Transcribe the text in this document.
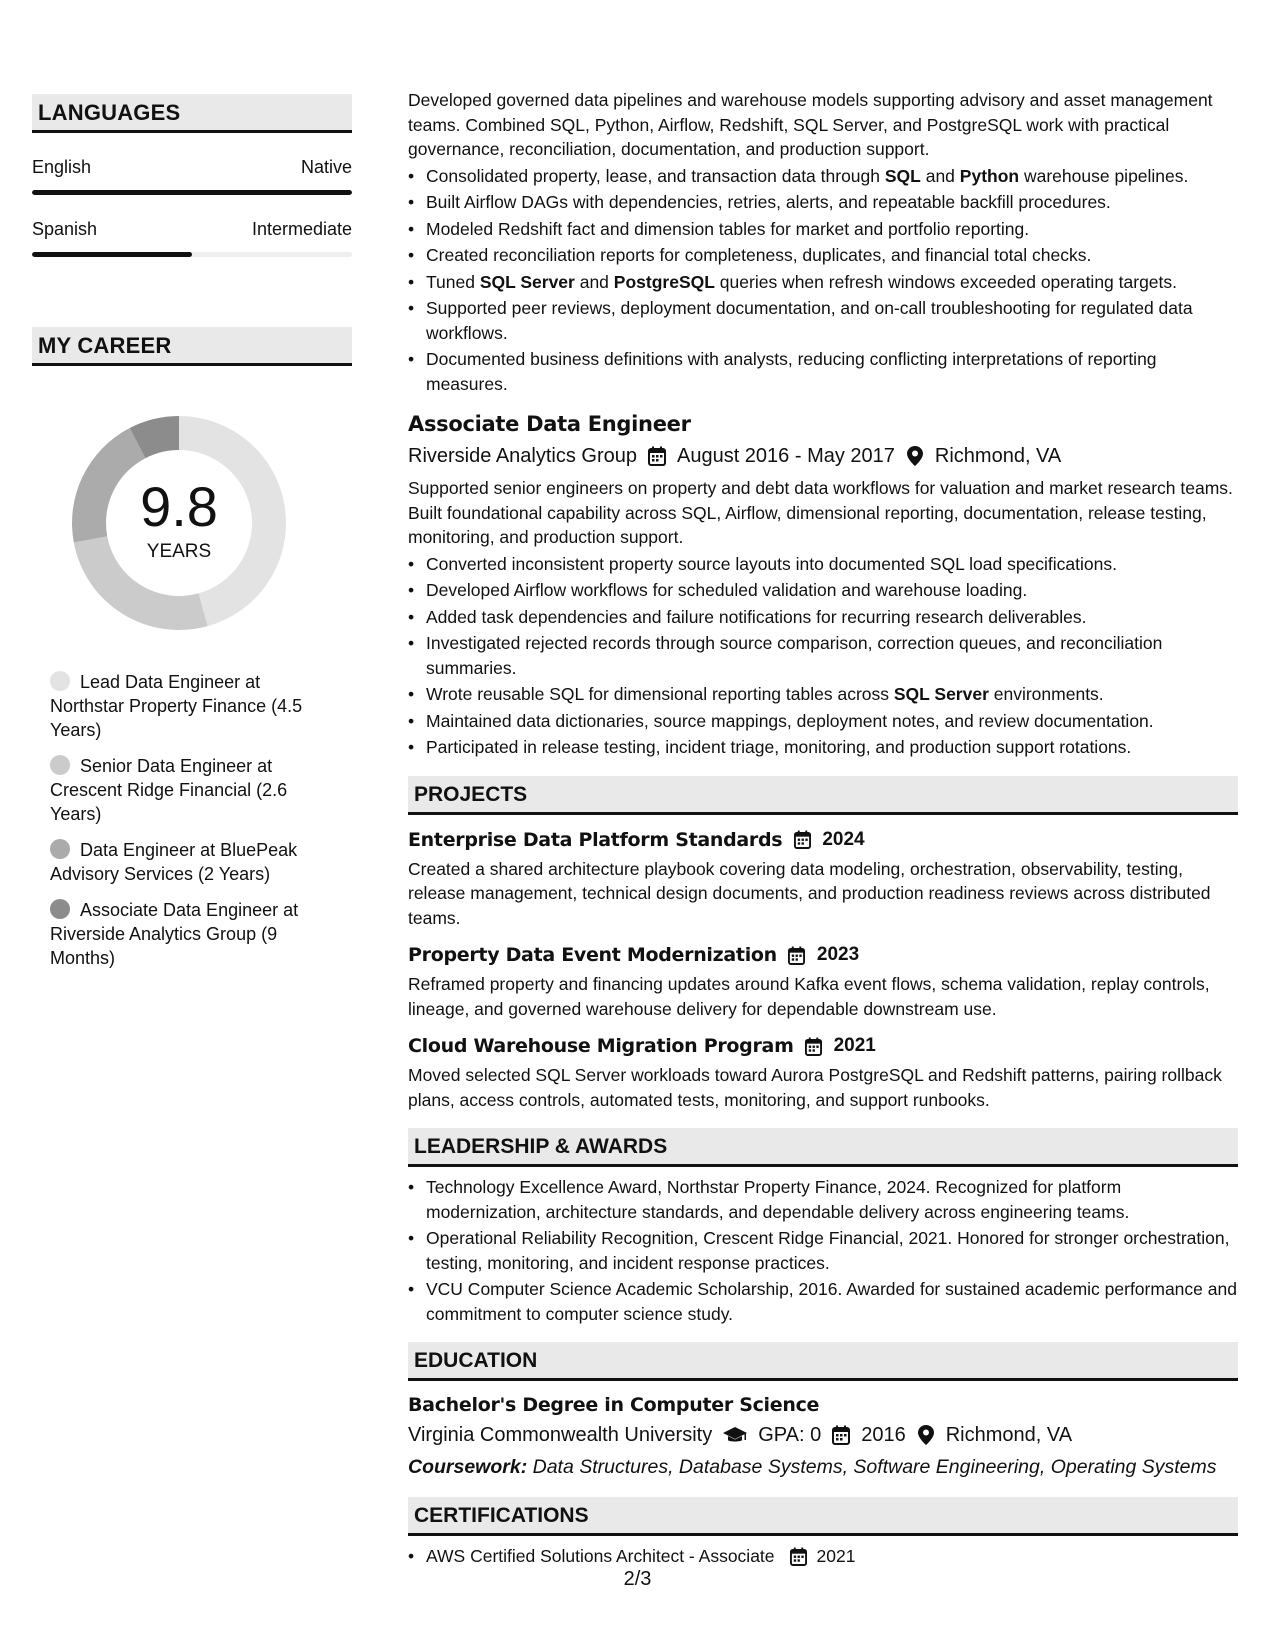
LANGUAGES
English	Native
Spanish	Intermediate
MY CAREER
9.8
YEARS
Lead Data Engineer at Northstar Property Finance (4.5 Years)
Senior Data Engineer at Crescent Ridge Financial (2.6 Years)
Data Engineer at BluePeak Advisory Services (2 Years)
Associate Data Engineer at Riverside Analytics Group (9 Months)

Developed governed data pipelines and warehouse models supporting advisory and asset management teams. Combined SQL, Python, Airflow, Redshift, SQL Server, and PostgreSQL work with practical governance, reconciliation, documentation, and production support.

• Consolidated property, lease, and transaction data through SQL and Python warehouse pipelines.
• Built Airflow DAGs with dependencies, retries, alerts, and repeatable backfill procedures.
• Modeled Redshift fact and dimension tables for market and portfolio reporting.
• Created reconciliation reports for completeness, duplicates, and financial total checks.
• Tuned SQL Server and PostgreSQL queries when refresh windows exceeded operating targets.
• Supported peer reviews, deployment documentation, and on-call troubleshooting for regulated data workflows.
• Documented business definitions with analysts, reducing conflicting interpretations of reporting measures.
Associate Data Engineer
Riverside Analytics Group August 2016 - May 2017 Richmond, VA

Supported senior engineers on property and debt data workflows for valuation and market research teams. Built foundational capability across SQL, Airflow, dimensional reporting, documentation, release testing, monitoring, and production support.

• Converted inconsistent property source layouts into documented SQL load specifications.
• Developed Airflow workflows for scheduled validation and warehouse loading.
• Added task dependencies and failure notifications for recurring research deliverables.
• Investigated rejected records through source comparison, correction queues, and reconciliation summaries.
• Wrote reusable SQL for dimensional reporting tables across SQL Server environments.
• Maintained data dictionaries, source mappings, deployment notes, and review documentation.
• Participated in release testing, incident triage, monitoring, and production support rotations.
PROJECTS
Enterprise Data Platform Standards 2024

Created a shared architecture playbook covering data modeling, orchestration, observability, testing, release management, technical design documents, and production readiness reviews across distributed teams.

Property Data Event Modernization 2023

Reframed property and financing updates around Kafka event flows, schema validation, replay controls, lineage, and governed warehouse delivery for dependable downstream use.

Cloud Warehouse Migration Program 2021

Moved selected SQL Server workloads toward Aurora PostgreSQL and Redshift patterns, pairing rollback plans, access controls, automated tests, monitoring, and support runbooks.

LEADERSHIP & AWARDS
• Technology Excellence Award, Northstar Property Finance, 2024. Recognized for platform modernization, architecture standards, and dependable delivery across engineering teams.
• Operational Reliability Recognition, Crescent Ridge Financial, 2021. Honored for stronger orchestration, testing, monitoring, and incident response practices.
• VCU Computer Science Academic Scholarship, 2016. Awarded for sustained academic performance and commitment to computer science study.
EDUCATION
Bachelor's Degree in Computer Science
Virginia Commonwealth University GPA: 0 2016 Richmond, VA
Coursework: Data Structures, Database Systems, Software Engineering, Operating Systems
CERTIFICATIONS
• AWS Certified Solutions Architect - Associate 2021
2/3
